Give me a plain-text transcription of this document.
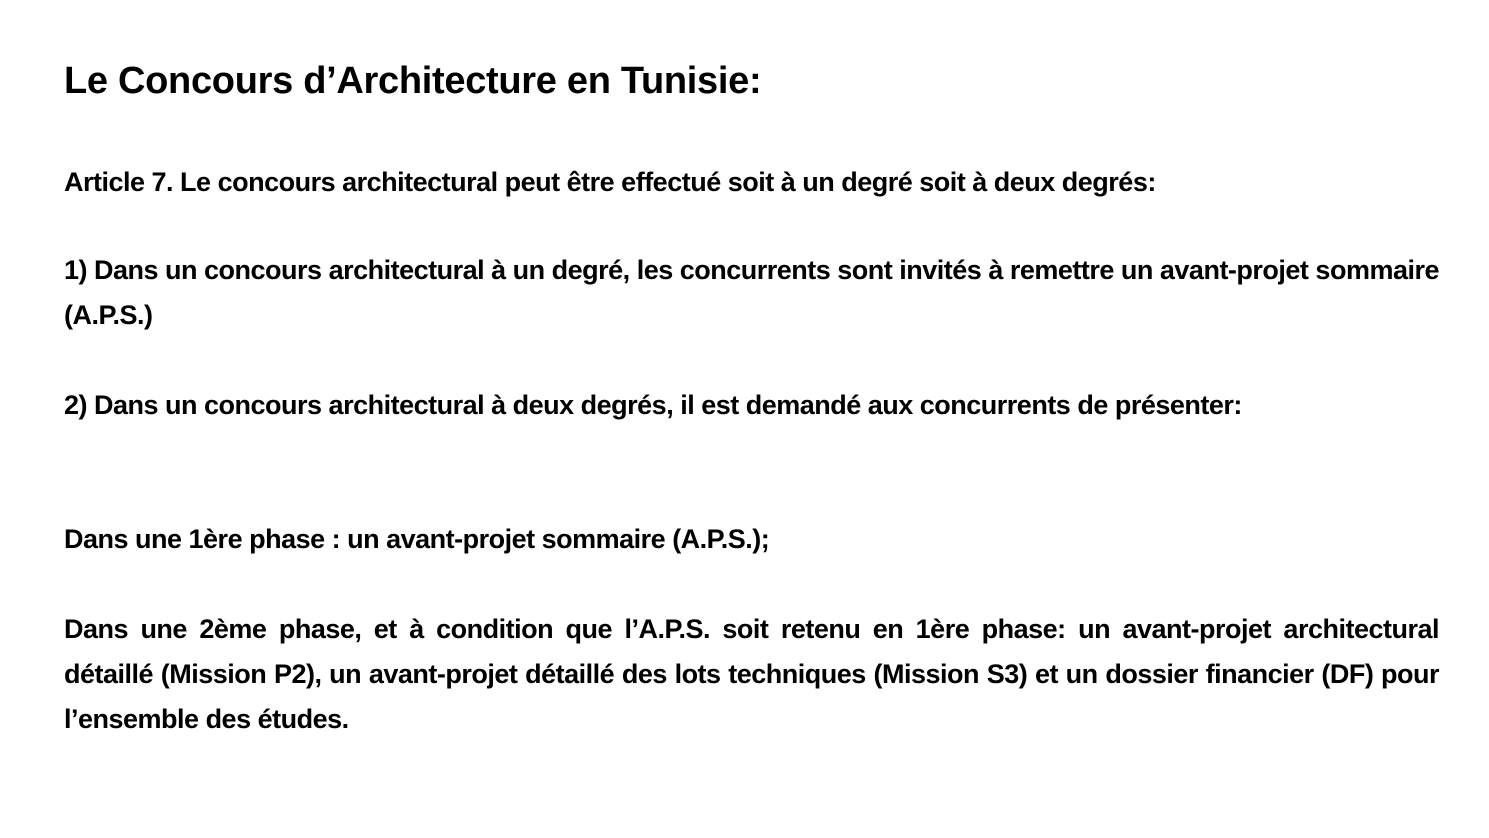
Le Concours d’Architecture en Tunisie:

Article 7. Le concours architectural peut être effectué soit à un degré soit à deux degrés:

1) Dans un concours architectural à un degré, les concurrents sont invités à remettre un avant-projet sommaire (A.P.S.)

2) Dans un concours architectural à deux degrés, il est demandé aux concurrents de présenter:

Dans une 1ère phase : un avant-projet sommaire (A.P.S.);

Dans une 2ème phase, et à condition que l’A.P.S. soit retenu en 1ère phase: un avant-projet architectural détaillé (Mission P2), un avant-projet détaillé des lots techniques (Mission S3) et un dossier financier (DF) pour l’ensemble des études.
